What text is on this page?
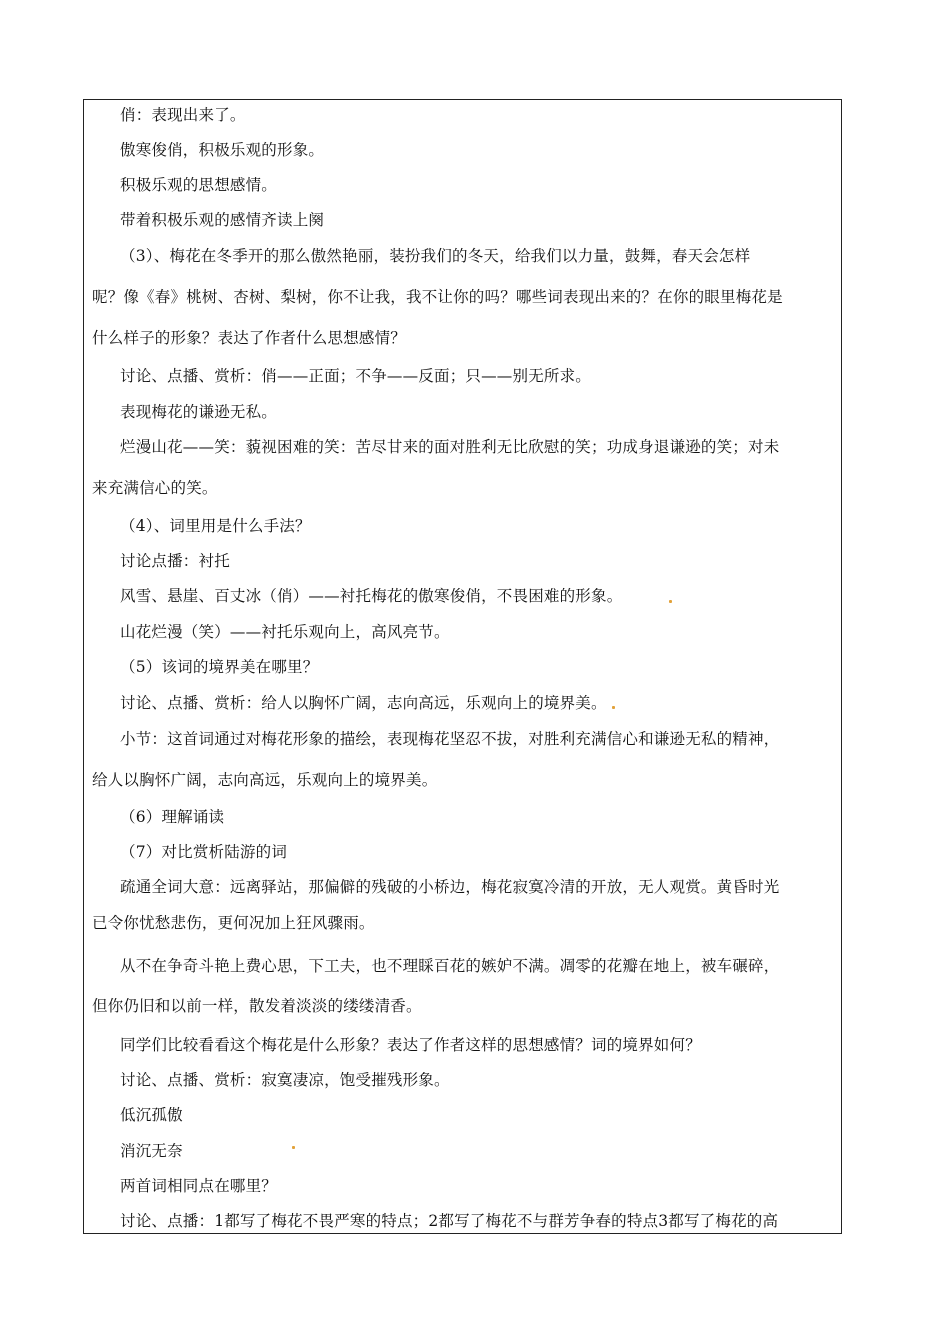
俏：表现出来了。
傲寒俊俏，积极乐观的形象。
积极乐观的思想感情。
带着积极乐观的感情齐读上阕
（3）、梅花在冬季开的那么傲然艳丽，装扮我们的冬天，给我们以力量，鼓舞，春天会怎样
呢？像《春》桃树、杏树、梨树，你不让我，我不让你的吗？哪些词表现出来的？在你的眼里梅花是
什么样子的形象？表达了作者什么思想感情？
讨论、点播、赏析：俏——正面；不争——反面；只——别无所求。
表现梅花的谦逊无私。
烂漫山花——笑：藐视困难的笑：苦尽甘来的面对胜利无比欣慰的笑；功成身退谦逊的笑；对未
来充满信心的笑。
（4）、词里用是什么手法？
讨论点播：衬托
风雪、悬崖、百丈冰（俏）——衬托梅花的傲寒俊俏，不畏困难的形象。
山花烂漫（笑）——衬托乐观向上，高风亮节。
（5）该词的境界美在哪里？
讨论、点播、赏析：给人以胸怀广阔，志向高远，乐观向上的境界美。
小节：这首词通过对梅花形象的描绘，表现梅花坚忍不拔，对胜利充满信心和谦逊无私的精神，
给人以胸怀广阔，志向高远，乐观向上的境界美。
（6）理解诵读
（7）对比赏析陆游的词
疏通全词大意：远离驿站，那偏僻的残破的小桥边，梅花寂寞冷清的开放，无人观赏。黄昏时光
已令你忧愁悲伤，更何况加上狂风骤雨。
从不在争奇斗艳上费心思，下工夫，也不理睬百花的嫉妒不满。凋零的花瓣在地上，被车碾碎，
但你仍旧和以前一样，散发着淡淡的缕缕清香。
同学们比较看看这个梅花是什么形象？表达了作者这样的思想感情？词的境界如何？
讨论、点播、赏析：寂寞凄凉，饱受摧残形象。
低沉孤傲
消沉无奈
两首词相同点在哪里？
讨论、点播：1都写了梅花不畏严寒的特点；2都写了梅花不与群芳争春的特点3都写了梅花的高
